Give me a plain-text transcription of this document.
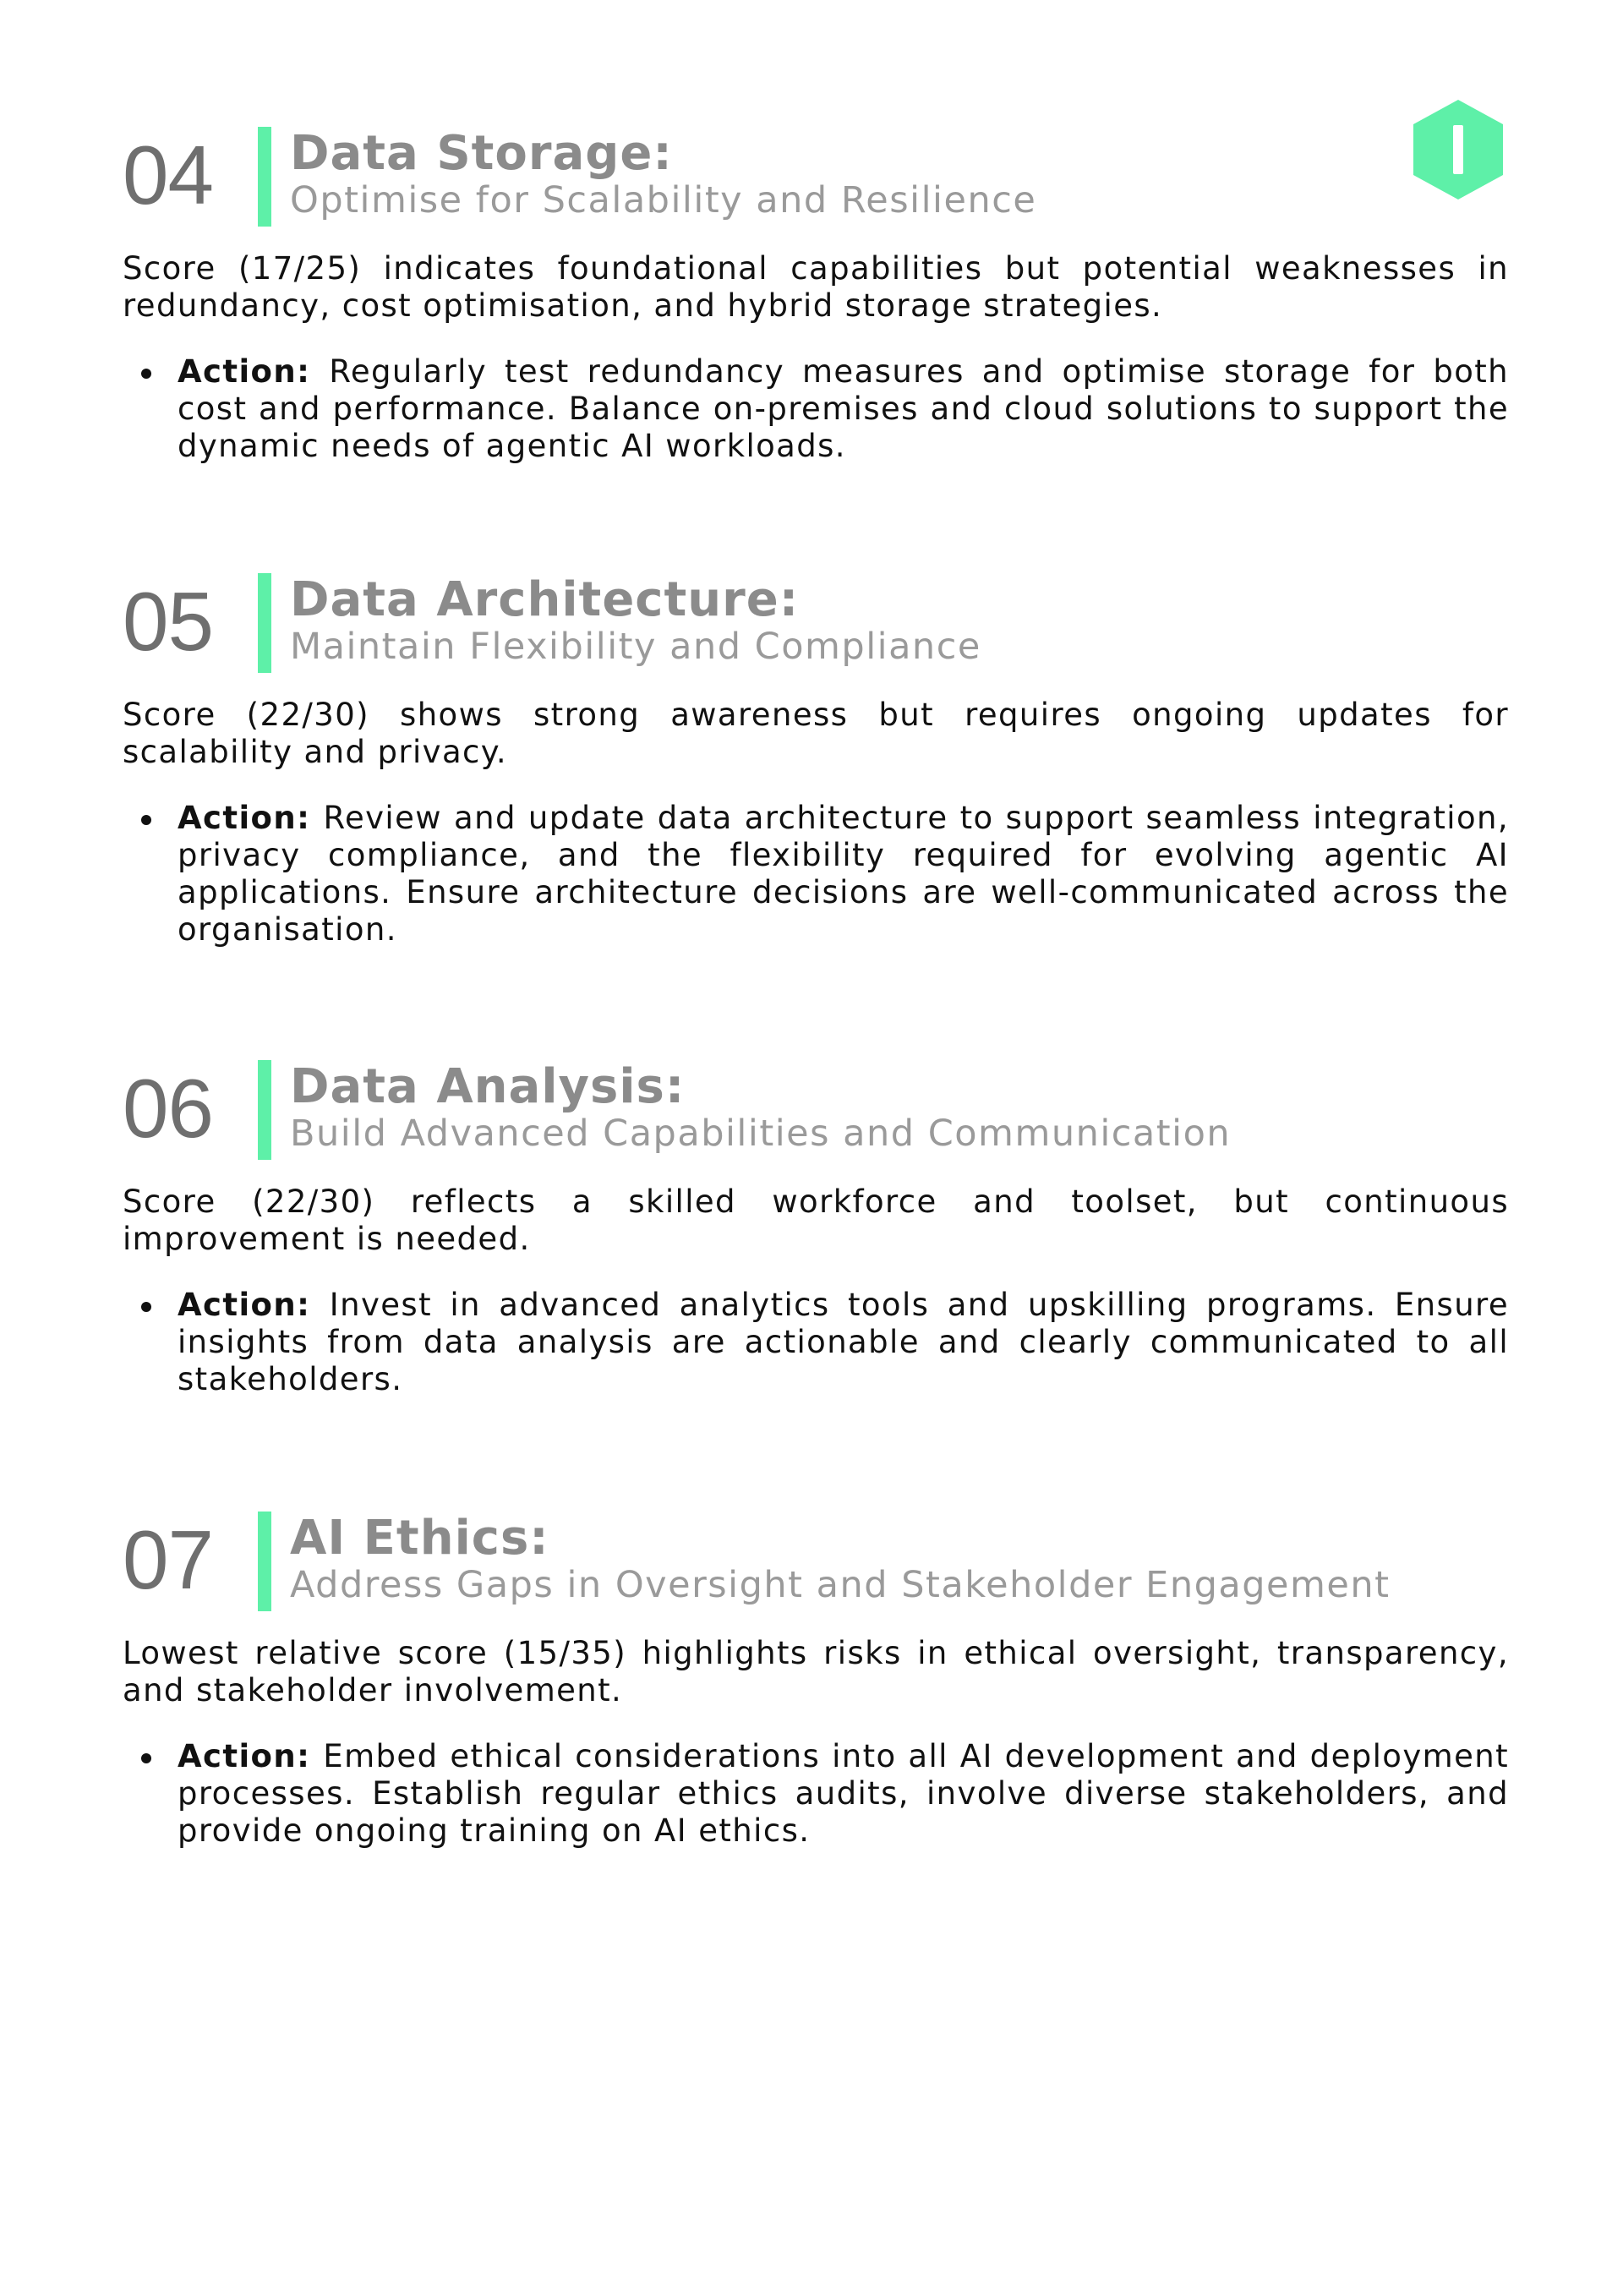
04 Data Storage:
Optimise for Scalability and Resilience

Score (17/25) indicates foundational capabilities but potential weaknesses in redundancy, cost optimisation, and hybrid storage strategies.

Action: Regularly test redundancy measures and optimise storage for both cost and performance. Balance on-premises and cloud solutions to support the dynamic needs of agentic AI workloads.
05 Data Architecture:
Maintain Flexibility and Compliance

Score (22/30) shows strong awareness but requires ongoing updates for scalability and privacy.

Action: Review and update data architecture to support seamless integration, privacy compliance, and the flexibility required for evolving agentic AI applications. Ensure architecture decisions are well-communicated across the organisation.
06 Data Analysis:
Build Advanced Capabilities and Communication

Score (22/30) reflects a skilled workforce and toolset, but continuous improvement is needed.

Action: Invest in advanced analytics tools and upskilling programs. Ensure insights from data analysis are actionable and clearly communicated to all stakeholders.
07 AI Ethics:
Address Gaps in Oversight and Stakeholder Engagement

Lowest relative score (15/35) highlights risks in ethical oversight, transparency, and stakeholder involvement.

Action: Embed ethical considerations into all AI development and deployment processes. Establish regular ethics audits, involve diverse stakeholders, and provide ongoing training on AI ethics.
